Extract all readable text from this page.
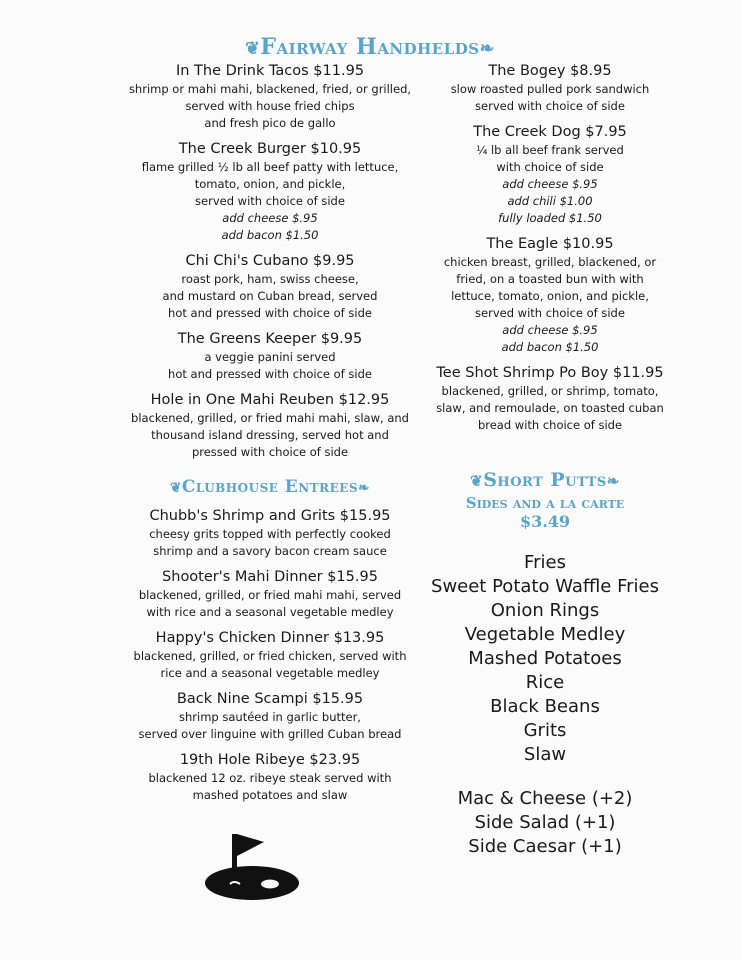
❦Fairway Handhelds❧
In The Drink Tacos $11.95
shrimp or mahi mahi, blackened, fried, or grilled,
served with house fried chips
and fresh pico de gallo
The Creek Burger $10.95
flame grilled ½ lb all beef patty with lettuce,
tomato, onion, and pickle,
served with choice of side
add cheese $.95
add bacon $1.50
Chi Chi's Cubano $9.95
roast pork, ham, swiss cheese,
and mustard on Cuban bread, served
hot and pressed with choice of side
The Greens Keeper $9.95
a veggie panini served
hot and pressed with choice of side
Hole in One Mahi Reuben $12.95
blackened, grilled, or fried mahi mahi, slaw, and
thousand island dressing, served hot and
pressed with choice of side
The Bogey $8.95
slow roasted pulled pork sandwich
served with choice of side
The Creek Dog $7.95
¼ lb all beef frank served
with choice of side
add cheese $.95
add chili $1.00
fully loaded $1.50
The Eagle $10.95
chicken breast, grilled, blackened, or
fried, on a toasted bun with with
lettuce, tomato, onion, and pickle,
served with choice of side
add cheese $.95
add bacon $1.50
Tee Shot Shrimp Po Boy $11.95
blackened, grilled, or shrimp, tomato,
slaw, and remoulade, on toasted cuban
bread with choice of side
❦Clubhouse Entrees❧
Chubb's Shrimp and Grits $15.95
cheesy grits topped with perfectly cooked
shrimp and a savory bacon cream sauce
Shooter's Mahi Dinner $15.95
blackened, grilled, or fried mahi mahi, served
with rice and a seasonal vegetable medley
Happy's Chicken Dinner $13.95
blackened, grilled, or fried chicken, served with
rice and a seasonal vegetable medley
Back Nine Scampi $15.95
shrimp sautéed in garlic butter,
served over linguine with grilled Cuban bread
19th Hole Ribeye $23.95
blackened 12 oz. ribeye steak served with
mashed potatoes and slaw
❦Short Putts❧
Sides and a la carte
$3.49
Fries
Sweet Potato Waffle Fries
Onion Rings
Vegetable Medley
Mashed Potatoes
Rice
Black Beans
Grits
Slaw
Mac & Cheese (+2)
Side Salad (+1)
Side Caesar (+1)
